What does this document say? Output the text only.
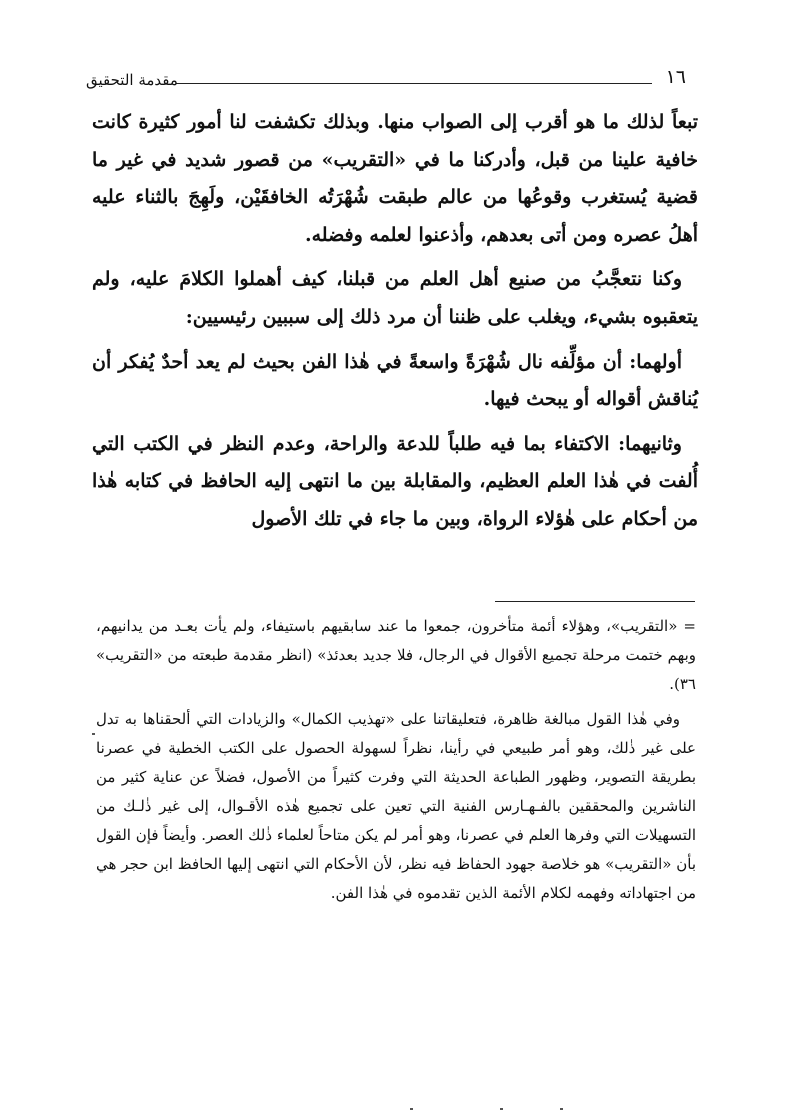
١٦
مقدمة التحقيق

تبعاً لذلك ما هو أقرب إلى الصواب منها. وبذلك تكشفت لنا أمور كثيرة كانت خافية علينا من قبل، وأدركنا ما في «التقريب» من قصور شديد في غير ما قضية يُستغرب وقوعُها من عالم طبقت شُهْرَتُه الخافقَيْن، ولَهِجَ بالثناء عليه أهلُ عصره ومن أتى بعدهم، وأذعنوا لعلمه وفضله.

وكنا نتعجَّبُ من صنيع أهل العلم من قبلنا، كيف أهملوا الكلامَ عليه، ولم يتعقبوه بشيء، ويغلب على ظننا أن مرد ذلك إلى سببين رئيسيين:

أولهما: أن مؤلِّفه نال شُهْرَةً واسعةً في هٰذا الفن بحيث لم يعد أحدٌ يُفكر أن يُناقش أقواله أو يبحث فيها.

وثانيهما: الاكتفاء بما فيه طلباً للدعة والراحة، وعدم النظر في الكتب التي أُلفت في هٰذا العلم العظيم، والمقابلة بين ما انتهى إليه الحافظ في كتابه هٰذا من أحكام على هٰؤلاء الرواة، وبين ما جاء في تلك الأصول

= «التقريب»، وهؤلاء أئمة متأخرون، جمعوا ما عند سابقيهم باستيفاء، ولم يأت بعـد من يدانيهم، وبهم ختمت مرحلة تجميع الأقوال في الرجال، فلا جديد بعدئذ» (انظر مقدمة طبعته من «التقريب» ٣٦).

وفي هٰذا القول مبالغة ظاهرة، فتعليقاتنا على «تهذيب الكمال» والزيادات التي ألحقناها به تدل على غير ذٰلك، وهو أمر طبيعي في رأينا، نظراً لسهولة الحصول على الكتب الخطية في عصرنا بطريقة التصوير، وظهور الطباعة الحديثة التي وفرت كثيراً من الأصول، فضلاً عن عناية كثير من الناشرين والمحققين بالفـهـارس الفنية التي تعين على تجميع هٰذه الأقـوال، إلى غير ذٰلـك من التسهيلات التي وفرها العلم في عصرنا، وهو أمر لم يكن متاحاً لعلماء ذٰلك العصر. وأيضاً فإن القول بأن «التقريب» هو خلاصة جهود الحفاظ فيه نظر، لأن الأحكام التي انتهى إليها الحافظ ابن حجر هي من اجتهاداته وفهمه لكلام الأئمة الذين تقدموه في هٰذا الفن.
